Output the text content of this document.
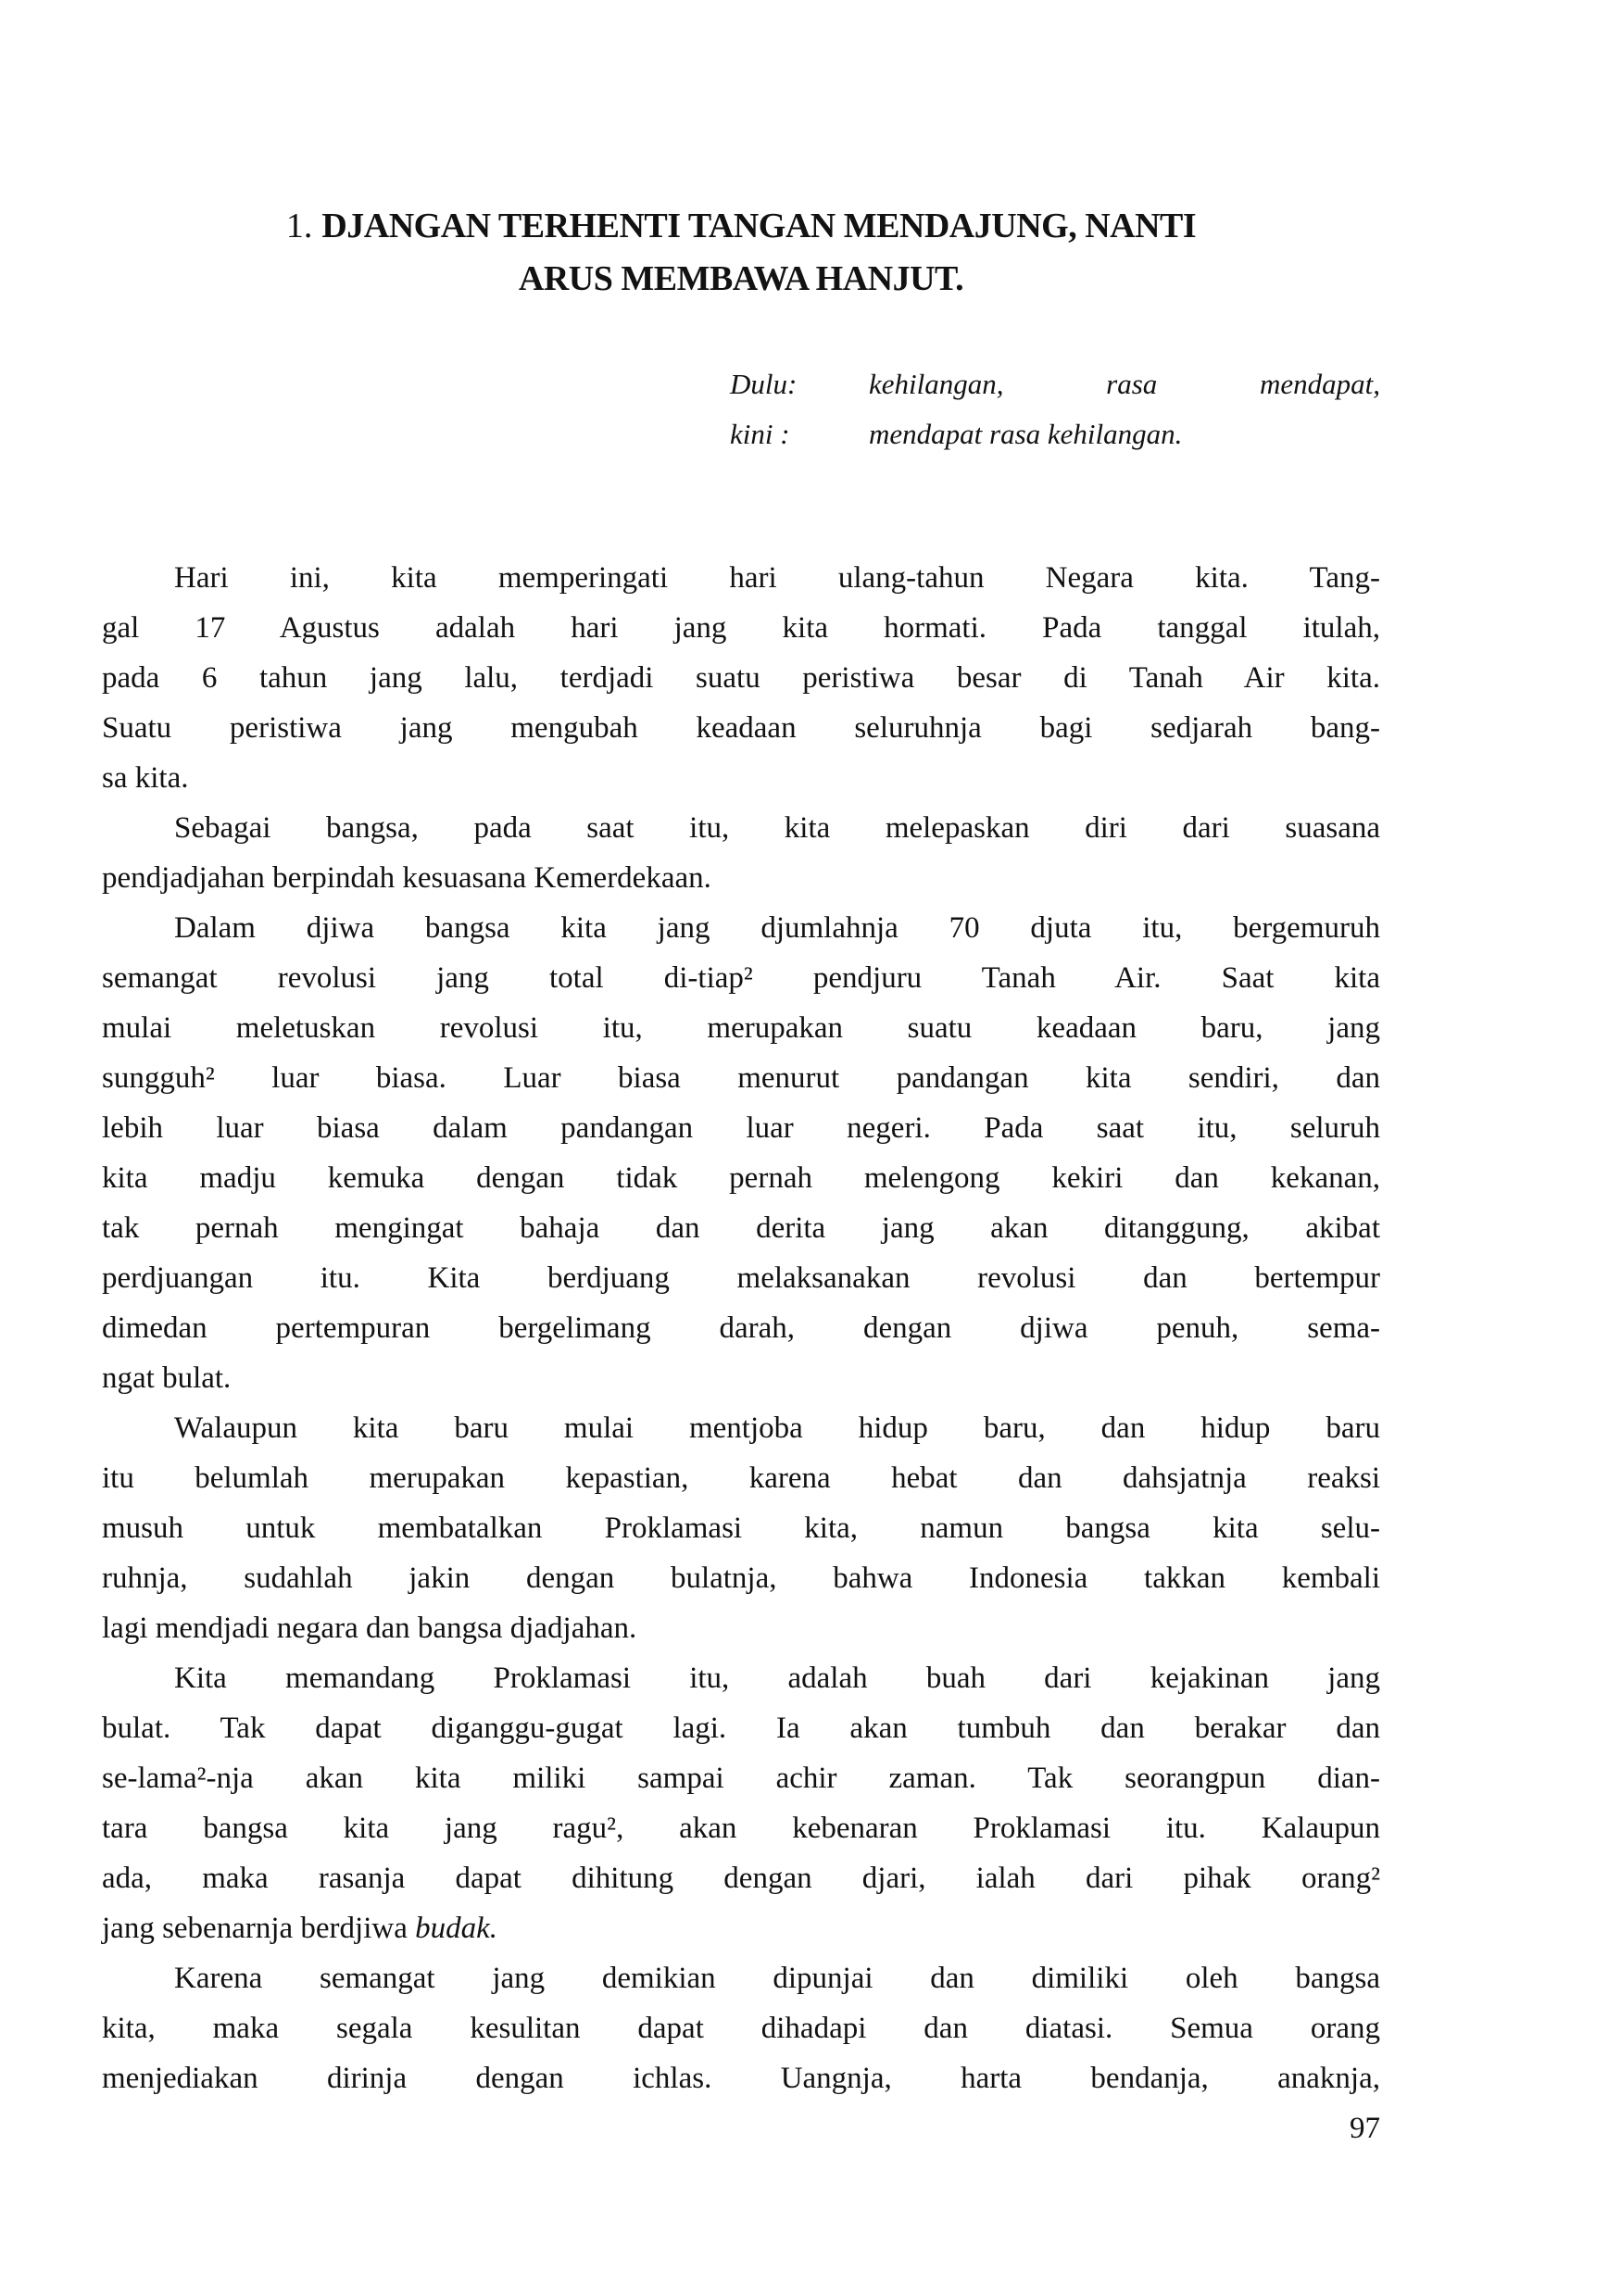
1. DJANGAN TERHENTI TANGAN MENDAJUNG, NANTI
ARUS MEMBAWA HANJUT.
Dulu:	kehilangan,	rasa	mendapat,
kini :	mendapat rasa kehilangan.
Hari ini, kita memperingati hari ulang-tahun Negara kita. Tang-
gal 17 Agustus adalah hari jang kita hormati. Pada tanggal itulah,
pada 6 tahun jang lalu, terdjadi suatu peristiwa besar di Tanah Air kita.
Suatu peristiwa jang mengubah keadaan seluruhnja bagi sedjarah bang-
sa kita.
Sebagai bangsa, pada saat itu, kita melepaskan diri dari suasana
pendjadjahan berpindah kesuasana Kemerdekaan.
Dalam djiwa bangsa kita jang djumlahnja 70 djuta itu, bergemuruh
semangat revolusi jang total di-tiap² pendjuru Tanah Air. Saat kita
mulai meletuskan revolusi itu, merupakan suatu keadaan baru, jang
sungguh² luar biasa. Luar biasa menurut pandangan kita sendiri, dan
lebih luar biasa dalam pandangan luar negeri. Pada saat itu, seluruh
kita madju kemuka dengan tidak pernah melengong kekiri dan kekanan,
tak pernah mengingat bahaja dan derita jang akan ditanggung, akibat
perdjuangan itu. Kita berdjuang melaksanakan revolusi dan bertempur
dimedan pertempuran bergelimang darah, dengan djiwa penuh, sema-
ngat bulat.
Walaupun kita baru mulai mentjoba hidup baru, dan hidup baru
itu belumlah merupakan kepastian, karena hebat dan dahsjatnja reaksi
musuh untuk membatalkan Proklamasi kita, namun bangsa kita selu-
ruhnja, sudahlah jakin dengan bulatnja, bahwa Indonesia takkan kembali
lagi mendjadi negara dan bangsa djadjahan.
Kita memandang Proklamasi itu, adalah buah dari kejakinan jang
bulat. Tak dapat diganggu-gugat lagi. Ia akan tumbuh dan berakar dan
se-lama²-nja akan kita miliki sampai achir zaman. Tak seorangpun dian-
tara bangsa kita jang ragu², akan kebenaran Proklamasi itu. Kalaupun
ada, maka rasanja dapat dihitung dengan djari, ialah dari pihak orang²
jang sebenarnja berdjiwa budak.
Karena semangat jang demikian dipunjai dan dimiliki oleh bangsa
kita, maka segala kesulitan dapat dihadapi dan diatasi. Semua orang
menjediakan dirinja dengan ichlas. Uangnja, harta bendanja, anaknja,
97
